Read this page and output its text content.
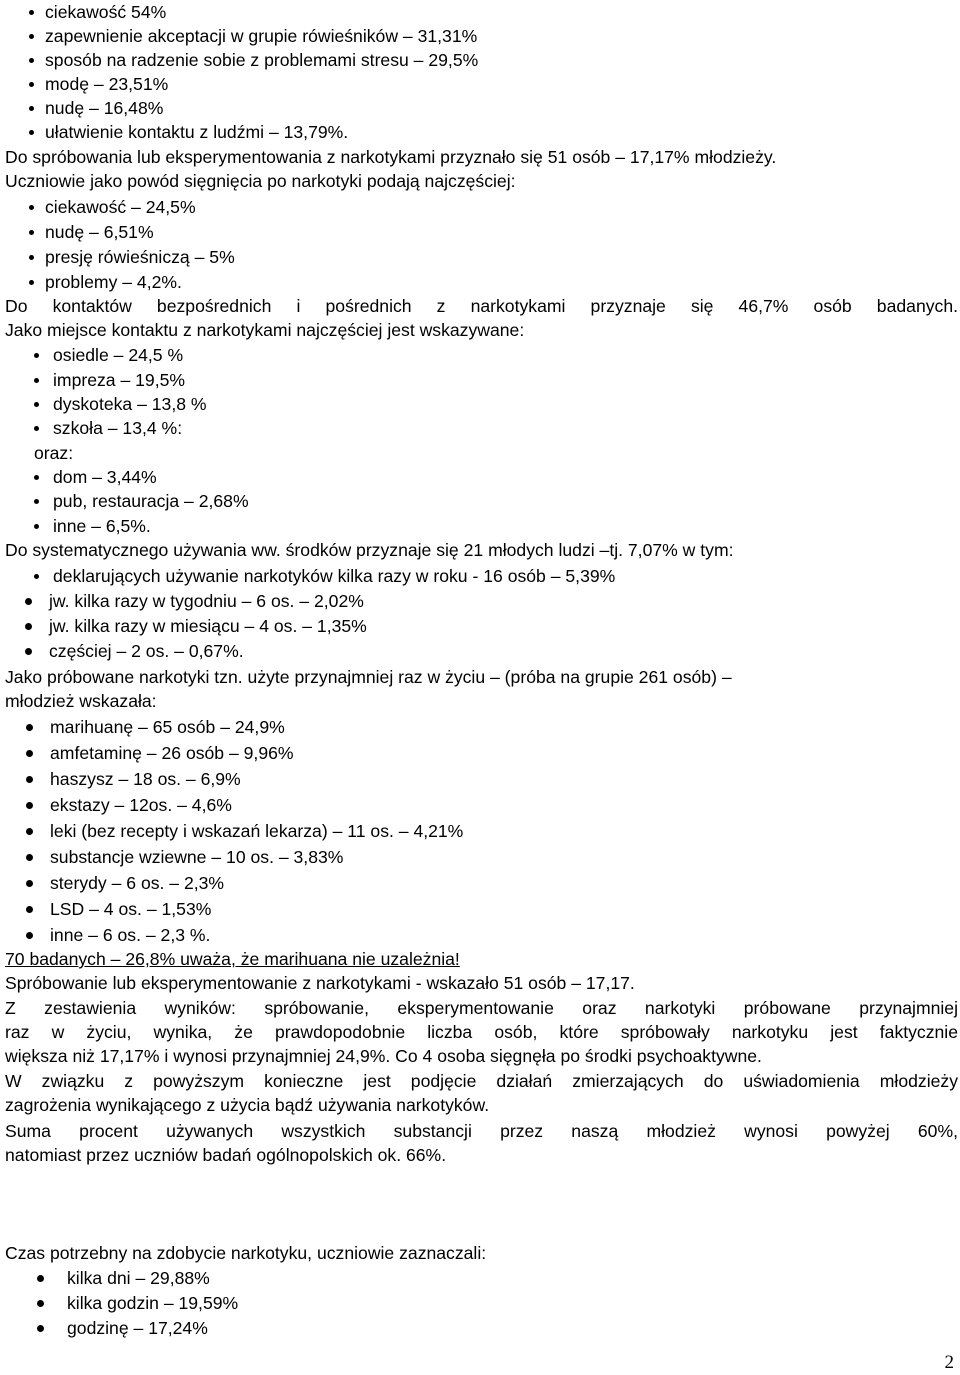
ciekawość 54%
zapewnienie akceptacji w grupie rówieśników – 31,31%
sposób na radzenie sobie z problemami stresu – 29,5%
modę – 23,51%
nudę – 16,48%
ułatwienie kontaktu z ludźmi – 13,79%.
Do spróbowania lub eksperymentowania z narkotykami przyznało się 51 osób – 17,17% młodzieży.
Uczniowie jako powód sięgnięcia po narkotyki podają najczęściej:
ciekawość – 24,5%
nudę – 6,51%
presję rówieśniczą – 5%
problemy – 4,2%.
Do kontaktów bezpośrednich i pośrednich z narkotykami przyznaje się 46,7% osób badanych.
Jako miejsce kontaktu z narkotykami najczęściej jest wskazywane:
osiedle – 24,5 %
impreza – 19,5%
dyskoteka – 13,8 %
szkoła – 13,4 %:
oraz:
dom – 3,44%
pub, restauracja – 2,68%
inne – 6,5%.
Do systematycznego używania ww. środków przyznaje się 21 młodych ludzi –tj. 7,07% w tym:
deklarujących używanie narkotyków kilka razy w roku - 16 osób – 5,39%
jw. kilka razy w tygodniu – 6 os. – 2,02%
jw. kilka razy w miesiącu – 4 os. – 1,35%
częściej – 2 os. – 0,67%.
Jako próbowane narkotyki tzn. użyte przynajmniej raz w życiu – (próba na grupie 261 osób) –
młodzież wskazała:
marihuanę – 65 osób – 24,9%
amfetaminę – 26 osób – 9,96%
haszysz – 18 os. – 6,9%
ekstazy – 12os. – 4,6%
leki (bez recepty i wskazań lekarza) – 11 os. – 4,21%
substancje wziewne – 10 os. – 3,83%
sterydy – 6 os. – 2,3%
LSD – 4 os. – 1,53%
inne – 6 os. – 2,3 %.
70 badanych – 26,8% uważa, że marihuana nie uzależnia!
Spróbowanie lub eksperymentowanie z narkotykami - wskazało 51 osób – 17,17.
Z zestawienia wyników: spróbowanie, eksperymentowanie oraz narkotyki próbowane przynajmniej
raz w życiu, wynika, że prawdopodobnie liczba osób, które spróbowały narkotyku jest faktycznie
większa niż 17,17% i wynosi przynajmniej 24,9%. Co 4 osoba sięgnęła po środki psychoaktywne.
W związku z powyższym konieczne jest podjęcie działań zmierzających do uświadomienia młodzieży
zagrożenia wynikającego z użycia bądź używania narkotyków.
Suma procent używanych wszystkich substancji przez naszą młodzież wynosi powyżej 60%,
natomiast przez uczniów badań ogólnopolskich ok. 66%.
Czas potrzebny na zdobycie narkotyku, uczniowie zaznaczali:
kilka dni – 29,88%
kilka godzin – 19,59%
godzinę – 17,24%
2
